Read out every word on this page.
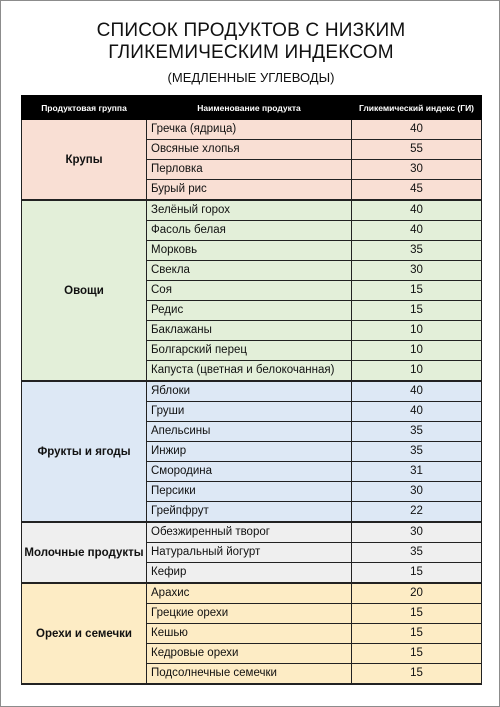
СПИСОК ПРОДУКТОВ С НИЗКИМ
ГЛИКЕМИЧЕСКИМ ИНДЕКСОМ
(МЕДЛЕННЫЕ УГЛЕВОДЫ)
Продуктовая группа	Наименование продукта	Гликемический индекс (ГИ)
Крупы	Гречка (ядрица)	40
	Овсяные хлопья	55
	Перловка	30
	Бурый рис	45
Овощи	Зелёный горох	40
	Фасоль белая	40
	Морковь	35
	Свекла	30
	Соя	15
	Редис	15
	Баклажаны	10
	Болгарский перец	10
	Капуста (цветная и белокочанная)	10
Фрукты и ягоды	Яблоки	40
	Груши	40
	Апельсины	35
	Инжир	35
	Смородина	31
	Персики	30
	Грейпфрут	22
Молочные продукты	Обезжиренный творог	30
	Натуральный йогурт	35
	Кефир	15
Орехи и семечки	Арахис	20
	Грецкие орехи	15
	Кешью	15
	Кедровые орехи	15
	Подсолнечные семечки	15
